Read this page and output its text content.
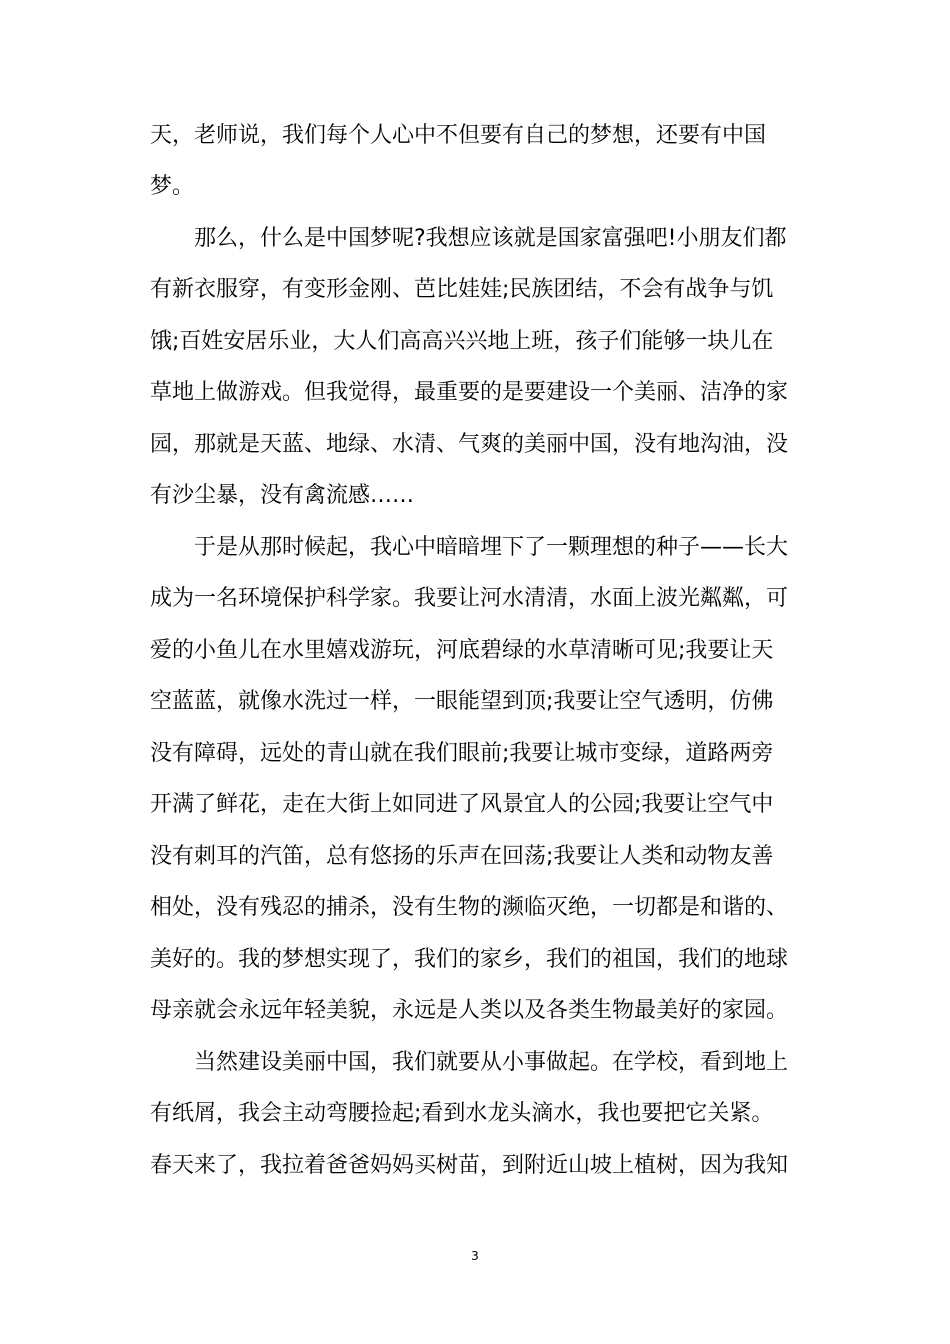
天，老师说，我们每个人心中不但要有自己的梦想，还要有中国
梦。
那么，什么是中国梦呢?我想应该就是国家富强吧!小朋友们都
有新衣服穿，有变形金刚、芭比娃娃;民族团结，不会有战争与饥
饿;百姓安居乐业，大人们高高兴兴地上班，孩子们能够一块儿在
草地上做游戏。但我觉得，最重要的是要建设一个美丽、洁净的家
园，那就是天蓝、地绿、水清、气爽的美丽中国，没有地沟油，没
有沙尘暴，没有禽流感……
于是从那时候起，我心中暗暗埋下了一颗理想的种子——长大
成为一名环境保护科学家。我要让河水清清，水面上波光粼粼，可
爱的小鱼儿在水里嬉戏游玩，河底碧绿的水草清晰可见;我要让天
空蓝蓝，就像水洗过一样，一眼能望到顶;我要让空气透明，仿佛
没有障碍，远处的青山就在我们眼前;我要让城市变绿，道路两旁
开满了鲜花，走在大街上如同进了风景宜人的公园;我要让空气中
没有刺耳的汽笛，总有悠扬的乐声在回荡;我要让人类和动物友善
相处，没有残忍的捕杀，没有生物的濒临灭绝，一切都是和谐的、
美好的。我的梦想实现了，我们的家乡，我们的祖国，我们的地球
母亲就会永远年轻美貌，永远是人类以及各类生物最美好的家园。
当然建设美丽中国，我们就要从小事做起。在学校，看到地上
有纸屑，我会主动弯腰捡起;看到水龙头滴水，我也要把它关紧。
春天来了，我拉着爸爸妈妈买树苗，到附近山坡上植树，因为我知
3
